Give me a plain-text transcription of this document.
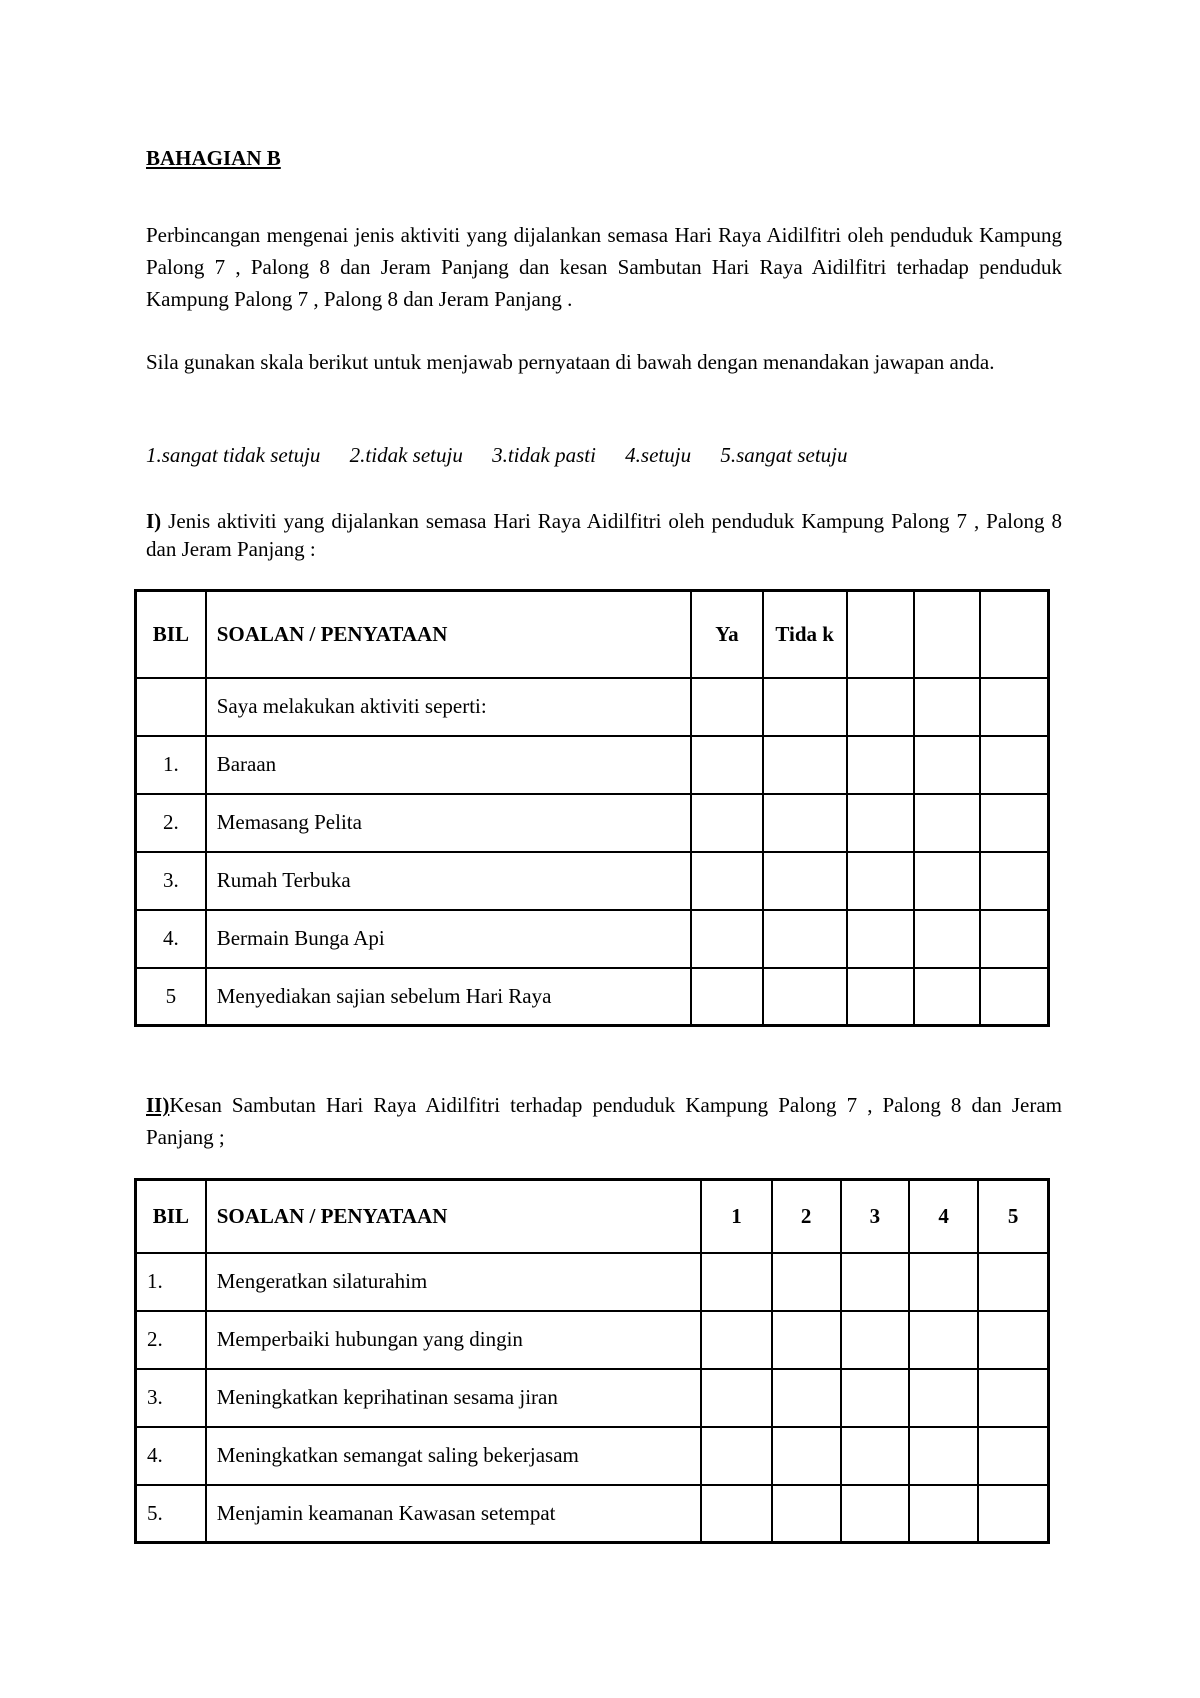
BAHAGIAN B
Perbincangan mengenai jenis aktiviti yang dijalankan semasa Hari Raya Aidilfitri oleh penduduk Kampung Palong 7 , Palong 8 dan Jeram Panjang dan kesan Sambutan Hari Raya Aidilfitri terhadap penduduk Kampung Palong 7 , Palong 8 dan Jeram Panjang .
Sila gunakan skala berikut untuk menjawab pernyataan di bawah dengan menandakan jawapan anda.
1.sangat tidak setuju 2.tidak setuju 3.tidak pasti 4.setuju 5.sangat setuju
I) Jenis aktiviti yang dijalankan semasa Hari Raya Aidilfitri oleh penduduk Kampung Palong 7 , Palong 8 dan Jeram Panjang :
II)Kesan Sambutan Hari Raya Aidilfitri terhadap penduduk Kampung Palong 7 , Palong 8 dan Jeram Panjang ;
BIL	SOALAN / PENYATAAN	Ya	Tida k			
	Saya melakukan aktiviti seperti:					
1.	Baraan					
2.	Memasang Pelita					
3.	Rumah Terbuka					
4.	Bermain Bunga Api					
5	Menyediakan sajian sebelum Hari Raya					
BIL	SOALAN / PENYATAAN	1	2	3	4	5
1.	Mengeratkan silaturahim					
2.	Memperbaiki hubungan yang dingin					
3.	Meningkatkan keprihatinan sesama jiran					
4.	Meningkatkan semangat saling bekerjasam					
5.	Menjamin keamanan Kawasan setempat					
